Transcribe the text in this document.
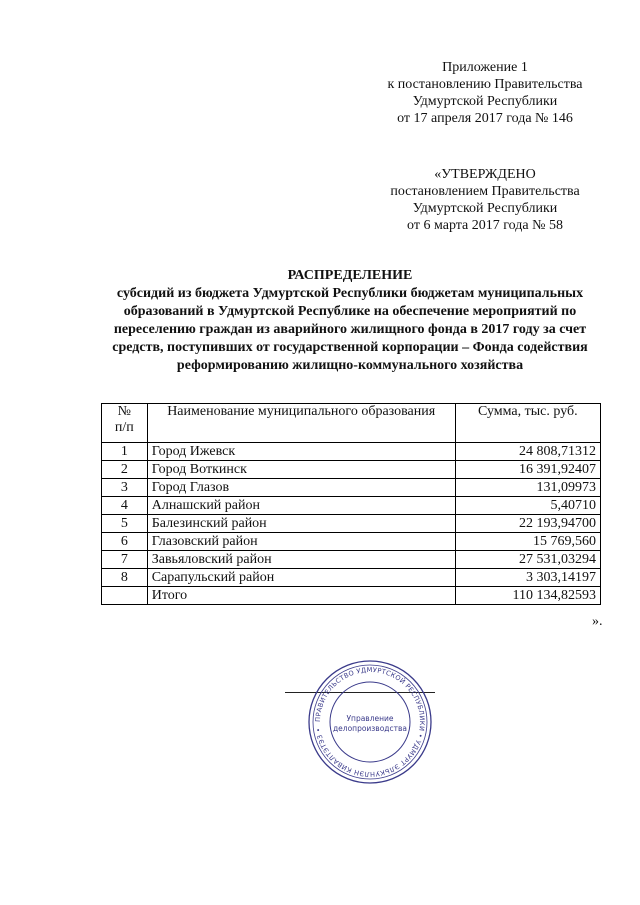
Приложение 1
к постановлению Правительства
Удмуртской Республики
от 17 апреля 2017 года № 146
«УТВЕРЖДЕНО
постановлением Правительства
Удмуртской Республики
от 6 марта 2017 года № 58
РАСПРЕДЕЛЕНИЕ
субсидий из бюджета Удмуртской Республики бюджетам муниципальных
образований в Удмуртской Республике на обеспечение мероприятий по
переселению граждан из аварийного жилищного фонда в 2017 году за счет
средств, поступивших от государственной корпорации – Фонда содействия
реформированию жилищно-коммунального хозяйства
№
п/п	Наименование муниципального образования	Сумма, тыс. руб.
1	Город Ижевск	24 808,71312
2	Город Воткинск	16 391,92407
3	Город Глазов	131,09973
4	Алнашский район	5,40710
5	Балезинский район	22 193,94700
6	Глазовский район	15 769,560
7	Завьяловский район	27 531,03294
8	Сарапульский район	3 303,14197
	Итого	110 134,82593
».
ПРАВИТЕЛЬСТВО УДМУРТСКОЙ РЕСПУБЛИКИ • УДМУРТ ЭЛЬКУНЛЭН КИВАЛТЭТЭЗ •
Управление
делопроизводства
